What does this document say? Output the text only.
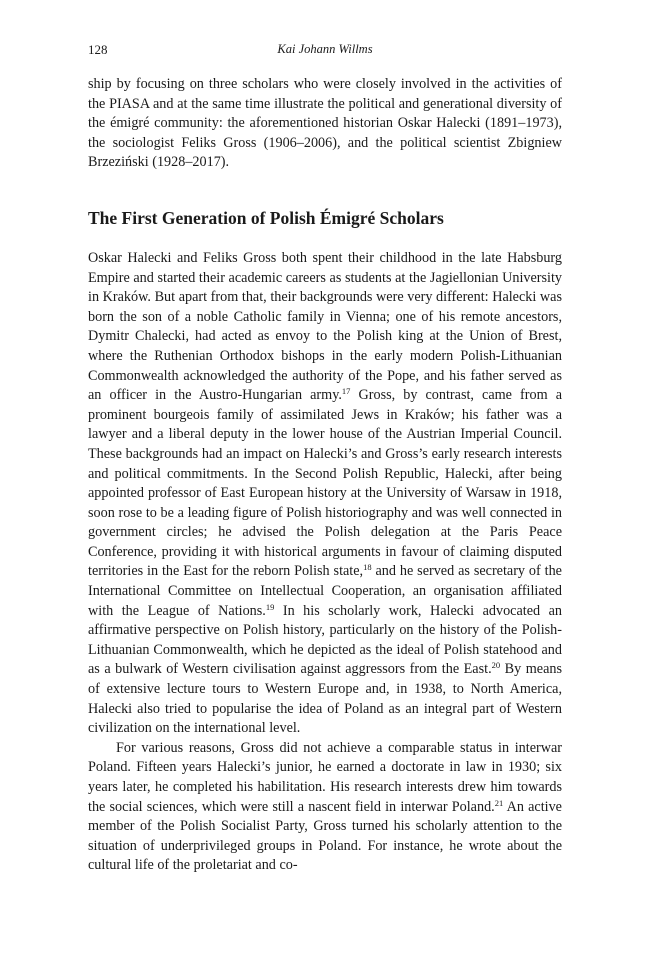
128	Kai Johann Willms

ship by focusing on three scholars who were closely involved in the activities of the PIASA and at the same time illustrate the political and generational diversity of the émigré community: the aforementioned historian Oskar Halecki (1891–1973), the sociologist Feliks Gross (1906–2006), and the political scientist Zbigniew Brzeziński (1928–2017).

The First Generation of Polish Émigré Scholars

Oskar Halecki and Feliks Gross both spent their childhood in the late Habsburg Empire and started their academic careers as students at the Jagiellonian University in Kraków. But apart from that, their backgrounds were very different: Halecki was born the son of a noble Catholic family in Vienna; one of his remote ancestors, Dymitr Chalecki, had acted as envoy to the Polish king at the Union of Brest, where the Ruthenian Orthodox bishops in the early modern Polish-Lithuanian Commonwealth acknowledged the authority of the Pope, and his father served as an officer in the Austro-Hungarian army.$^{17}$ Gross, by contrast, came from a prominent bourgeois family of assimilated Jews in Kraków; his father was a lawyer and a liberal deputy in the lower house of the Austrian Imperial Council. These backgrounds had an impact on Halecki’s and Gross’s early research interests and political commitments. In the Second Polish Republic, Halecki, after being appointed professor of East European history at the University of Warsaw in 1918, soon rose to be a leading figure of Polish historiography and was well connected in government circles; he advised the Polish delegation at the Paris Peace Conference, providing it with historical arguments in favour of claiming disputed territories in the East for the reborn Polish state,$^{18}$ and he served as secretary of the International Committee on Intellectual Cooperation, an organisation affiliated with the League of Nations.$^{19}$ In his scholarly work, Halecki advocated an affirmative perspective on Polish history, particularly on the history of the Polish-Lithuanian Commonwealth, which he depicted as the ideal of Polish statehood and as a bulwark of Western civilisation against aggressors from the East.$^{20}$ By means of extensive lecture tours to Western Europe and, in 1938, to North America, Halecki also tried to popularise the idea of Poland as an integral part of Western civilization on the international level.

For various reasons, Gross did not achieve a comparable status in interwar Poland. Fifteen years Halecki’s junior, he earned a doctorate in law in 1930; six years later, he completed his habilitation. His research interests drew him towards the social sciences, which were still a nascent field in interwar Poland.$^{21}$ An active member of the Polish Socialist Party, Gross turned his scholarly attention to the situation of underprivileged groups in Poland. For instance, he wrote about the cultural life of the proletariat and co-
